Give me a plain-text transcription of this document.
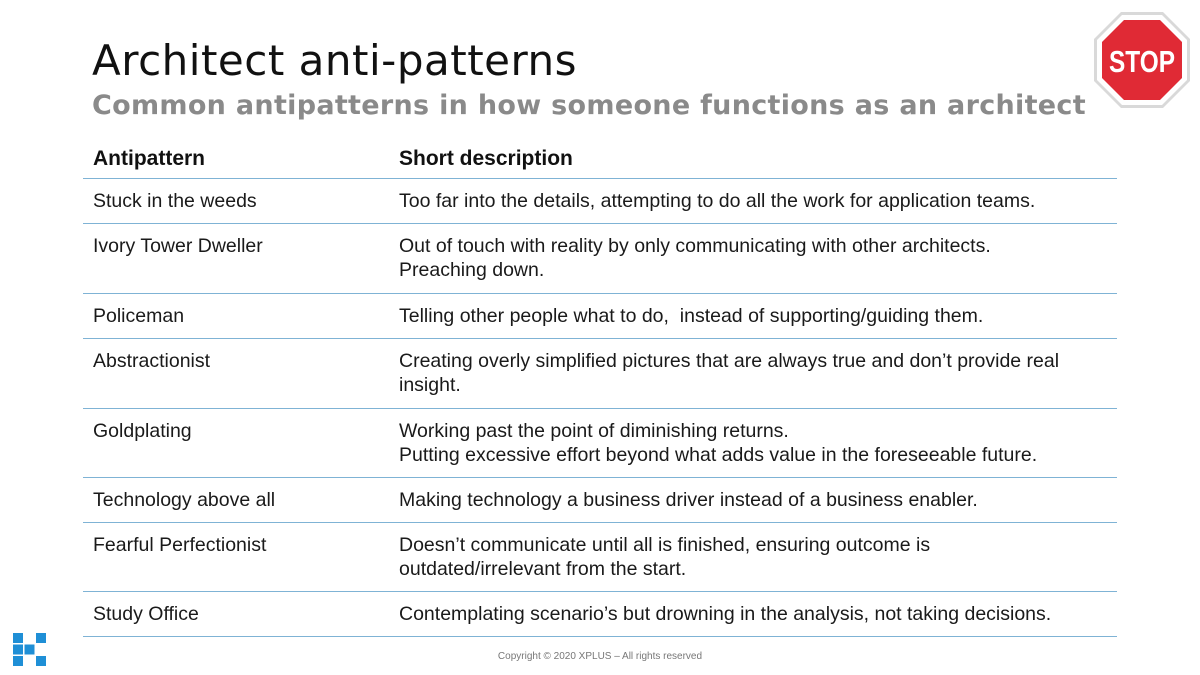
Architect anti-patterns
Common antipatterns in how someone functions as an architect
STOP
Antipattern	Short description
Stuck in the weeds	Too far into the details, attempting to do all the work for application teams.
Ivory Tower Dweller	Out of touch with reality by only communicating with other architects.
Preaching down.
Policeman	Telling other people what to do,  instead of supporting/guiding them.
Abstractionist	Creating overly simplified pictures that are always true and don’t provide real
insight.
Goldplating	Working past the point of diminishing returns.
Putting excessive effort beyond what adds value in the foreseeable future.
Technology above all	Making technology a business driver instead of a business enabler.
Fearful Perfectionist	Doesn’t communicate until all is finished, ensuring outcome is
outdated/irrelevant from the start.
Study Office	Contemplating scenario’s but drowning in the analysis, not taking decisions.
Copyright © 2020 XPLUS – All rights reserved
